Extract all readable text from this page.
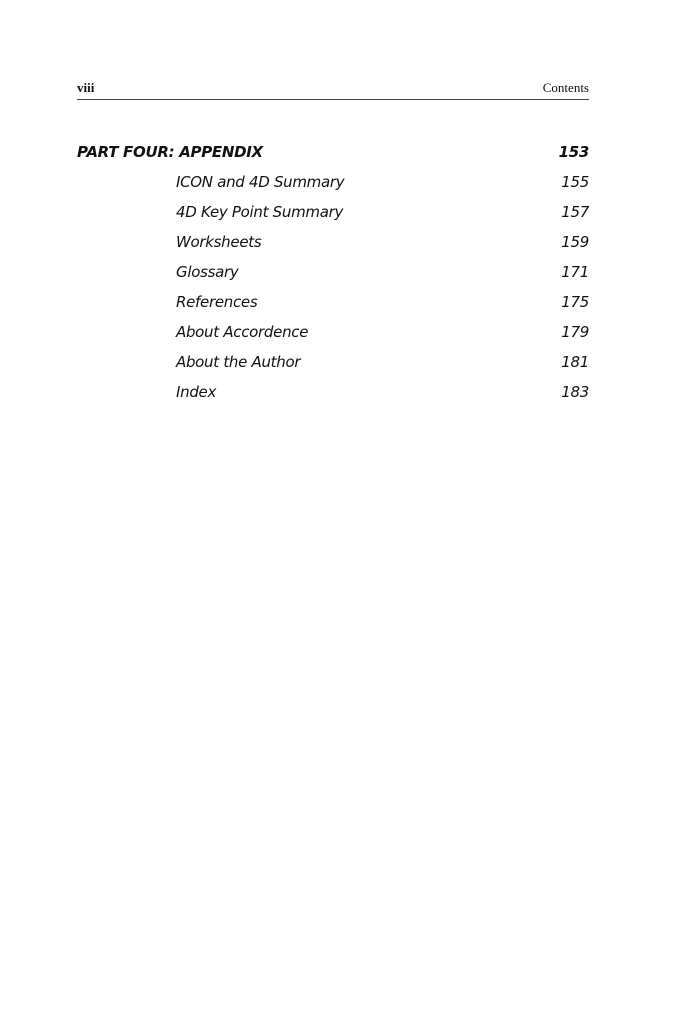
viii	Contents
PART FOUR: APPENDIX	153
ICON and 4D Summary	155
4D Key Point Summary	157
Worksheets	159
Glossary	171
References	175
About Accordence	179
About the Author	181
Index	183
